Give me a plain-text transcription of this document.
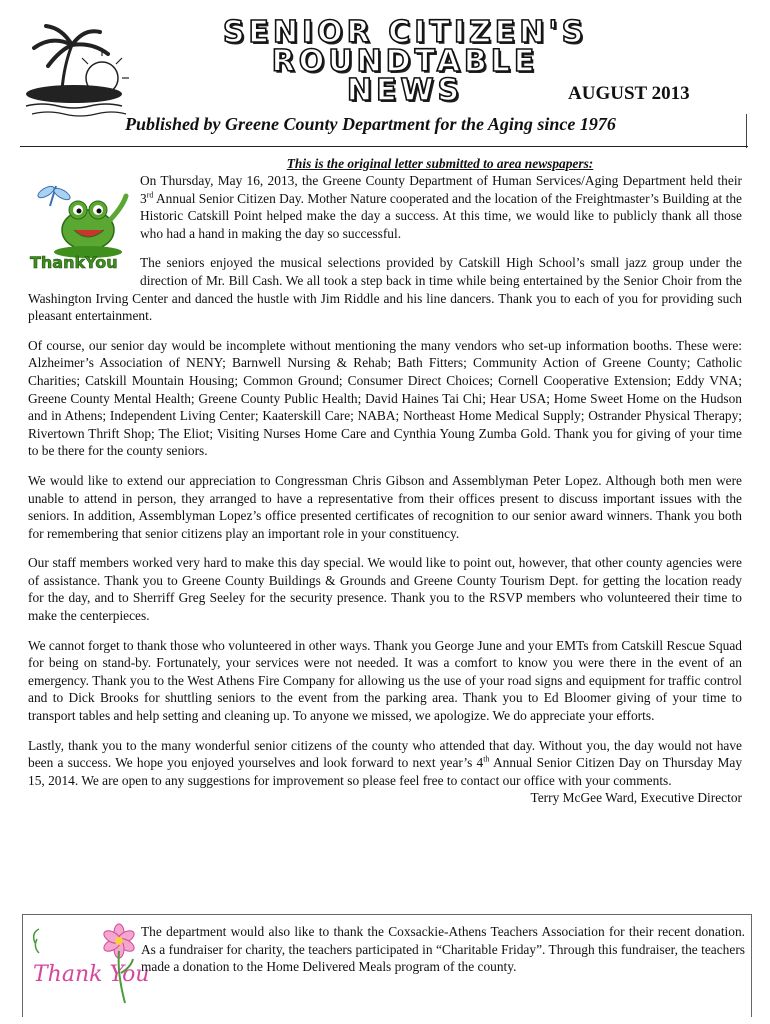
SENIOR CITIZEN'S
ROUNDTABLE
NEWS	AUGUST 2013
Published by Greene County Department for the Aging since 1976
This is the original letter submitted to area newspapers:
ThankYou

On Thursday, May 16, 2013, the Greene County Department of Human Services/Aging Department held their 3rd Annual Senior Citizen Day. Mother Nature cooperated and the location of the Freightmaster’s Building at the Historic Catskill Point helped make the day a success. At this time, we would like to publicly thank all those who had a hand in making the day so successful.

The seniors enjoyed the musical selections provided by Catskill High School’s small jazz group under the direction of Mr. Bill Cash. We all took a step back in time while being entertained by the Senior Choir from the Washington Irving Center and danced the hustle with Jim Riddle and his line dancers. Thank you to each of you for providing such pleasant entertainment.

Of course, our senior day would be incomplete without mentioning the many vendors who set-up information booths. These were: Alzheimer’s Association of NENY; Barnwell Nursing & Rehab; Bath Fitters; Community Action of Greene County; Catholic Charities; Catskill Mountain Housing; Common Ground; Consumer Direct Choices; Cornell Cooperative Extension; Eddy VNA; Greene County Mental Health; Greene County Public Health; David Haines Tai Chi; Hear USA; Home Sweet Home on the Hudson and in Athens; Independent Living Center; Kaaterskill Care; NABA; Northeast Home Medical Supply; Ostrander Physical Therapy; Rivertown Thrift Shop; The Eliot; Visiting Nurses Home Care and Cynthia Young Zumba Gold. Thank you for giving of your time to be there for the county seniors.

We would like to extend our appreciation to Congressman Chris Gibson and Assemblyman Peter Lopez. Although both men were unable to attend in person, they arranged to have a representative from their offices present to discuss important issues with the seniors. In addition, Assemblyman Lopez’s office presented certificates of recognition to our senior award winners. Thank you both for remembering that senior citizens play an important role in your constituency.

Our staff members worked very hard to make this day special. We would like to point out, however, that other county agencies were of assistance. Thank you to Greene County Buildings & Grounds and Greene County Tourism Dept. for getting the location ready for the day, and to Sherriff Greg Seeley for the security presence. Thank you to the RSVP members who volunteered their time to make the centerpieces.

We cannot forget to thank those who volunteered in other ways. Thank you George June and your EMTs from Catskill Rescue Squad for being on stand-by. Fortunately, your services were not needed. It was a comfort to know you were there in the event of an emergency. Thank you to the West Athens Fire Company for allowing us the use of your road signs and equipment for traffic control and to Dick Brooks for shuttling seniors to the event from the parking area. Thank you to Ed Bloomer giving of your time to transport tables and help setting and cleaning up. To anyone we missed, we apologize. We do appreciate your efforts.

Lastly, thank you to the many wonderful senior citizens of the county who attended that day. Without you, the day would not have been a success. We hope you enjoyed yourselves and look forward to next year’s 4th Annual Senior Citizen Day on Thursday May 15, 2014. We are open to any suggestions for improvement so please feel free to contact our office with your comments.
Terry McGee Ward, Executive Director

Thank You
The department would also like to thank the Coxsackie-Athens Teachers Association for their recent donation. As a fundraiser for charity, the teachers participated in “Charitable Friday”. Through this fundraiser, the teachers made a donation to the Home Delivered Meals program of the county.
